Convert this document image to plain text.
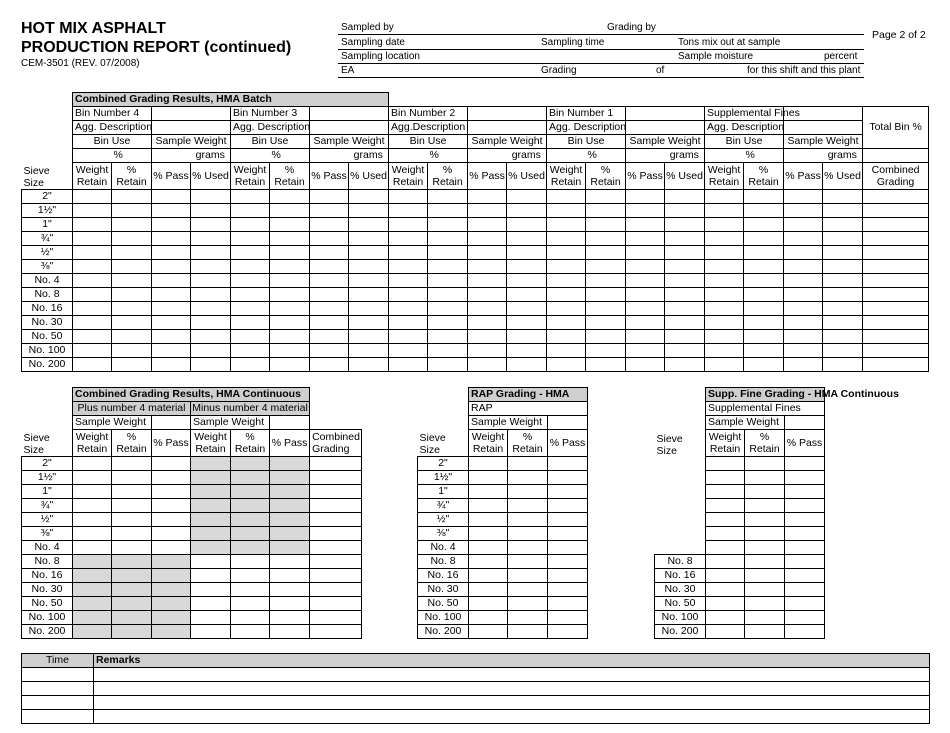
HOT MIX ASPHALT
PRODUCTION REPORT (continued)
CEM-3501 (REV. 07/2008)
Page 2 of 2
Sampled by	Grading by
Sampling date	Sampling time	Tons mix out at sample
Sampling location	Sample moisture	percent
EA	Grading	of	for this shift and this plant
	Combined Grading Results, HMA Batch																				
	Bin Number 4				Bin Number 3				Bin Number 2				Bin Number 1				Supplemental Fines				Total Bin %
	Agg. Description				Agg. Description				Agg.Description				Agg. Description				Agg. Description				
	Bin Use		Sample Weight		Bin Use		Sample Weight		Bin Use		Sample Weight		Bin Use		Sample Weight		Bin Use		Sample Weight		
		%		grams		%		grams		%		grams		%		grams		%		grams	
Sieve Size	Weight Retain	% Retain	% Pass	% Used	Weight Retain	% Retain	% Pass	% Used	Weight Retain	% Retain	% Pass	% Used	Weight Retain	% Retain	% Pass	% Used	Weight Retain	% Retain	% Pass	% Used	Combined Grading
2"																					
1½"																					
1"																					
¾"																					
½"																					
⅜"																					
No. 4																					
No. 8																					
No. 16																					
No. 30																					
No. 50																					
No. 100																					
No. 200																					
	Combined Grading Results, HMA Continuous						
	Plus number 4 material			Minus number 4 material			
	Sample Weight			Sample Weight			
Sieve Size	Weight Retain	% Retain	% Pass	Weight Retain	% Retain	% Pass	Combined Grading
2"							
1½"							
1"							
¾"							
½"							
⅜"							
No. 4							
No. 8							
No. 16							
No. 30							
No. 50							
No. 100							
No. 200							
	RAP Grading - HMA		
	RAP		
	Sample Weight		
Sieve Size	Weight Retain	% Retain	% Pass
2"			
1½"			
1"			
¾"			
½"			
⅜"			
No. 4			
No. 8			
No. 16			
No. 30			
No. 50			
No. 100			
No. 200			
	Supp. Fine Grading - HMA Continuous		
	Supplemental Fines		
	Sample Weight		
Sieve Size	Weight Retain	% Retain	% Pass

No. 8			
No. 16			
No. 30			
No. 50			
No. 100			
No. 200			
Time	Remarks
